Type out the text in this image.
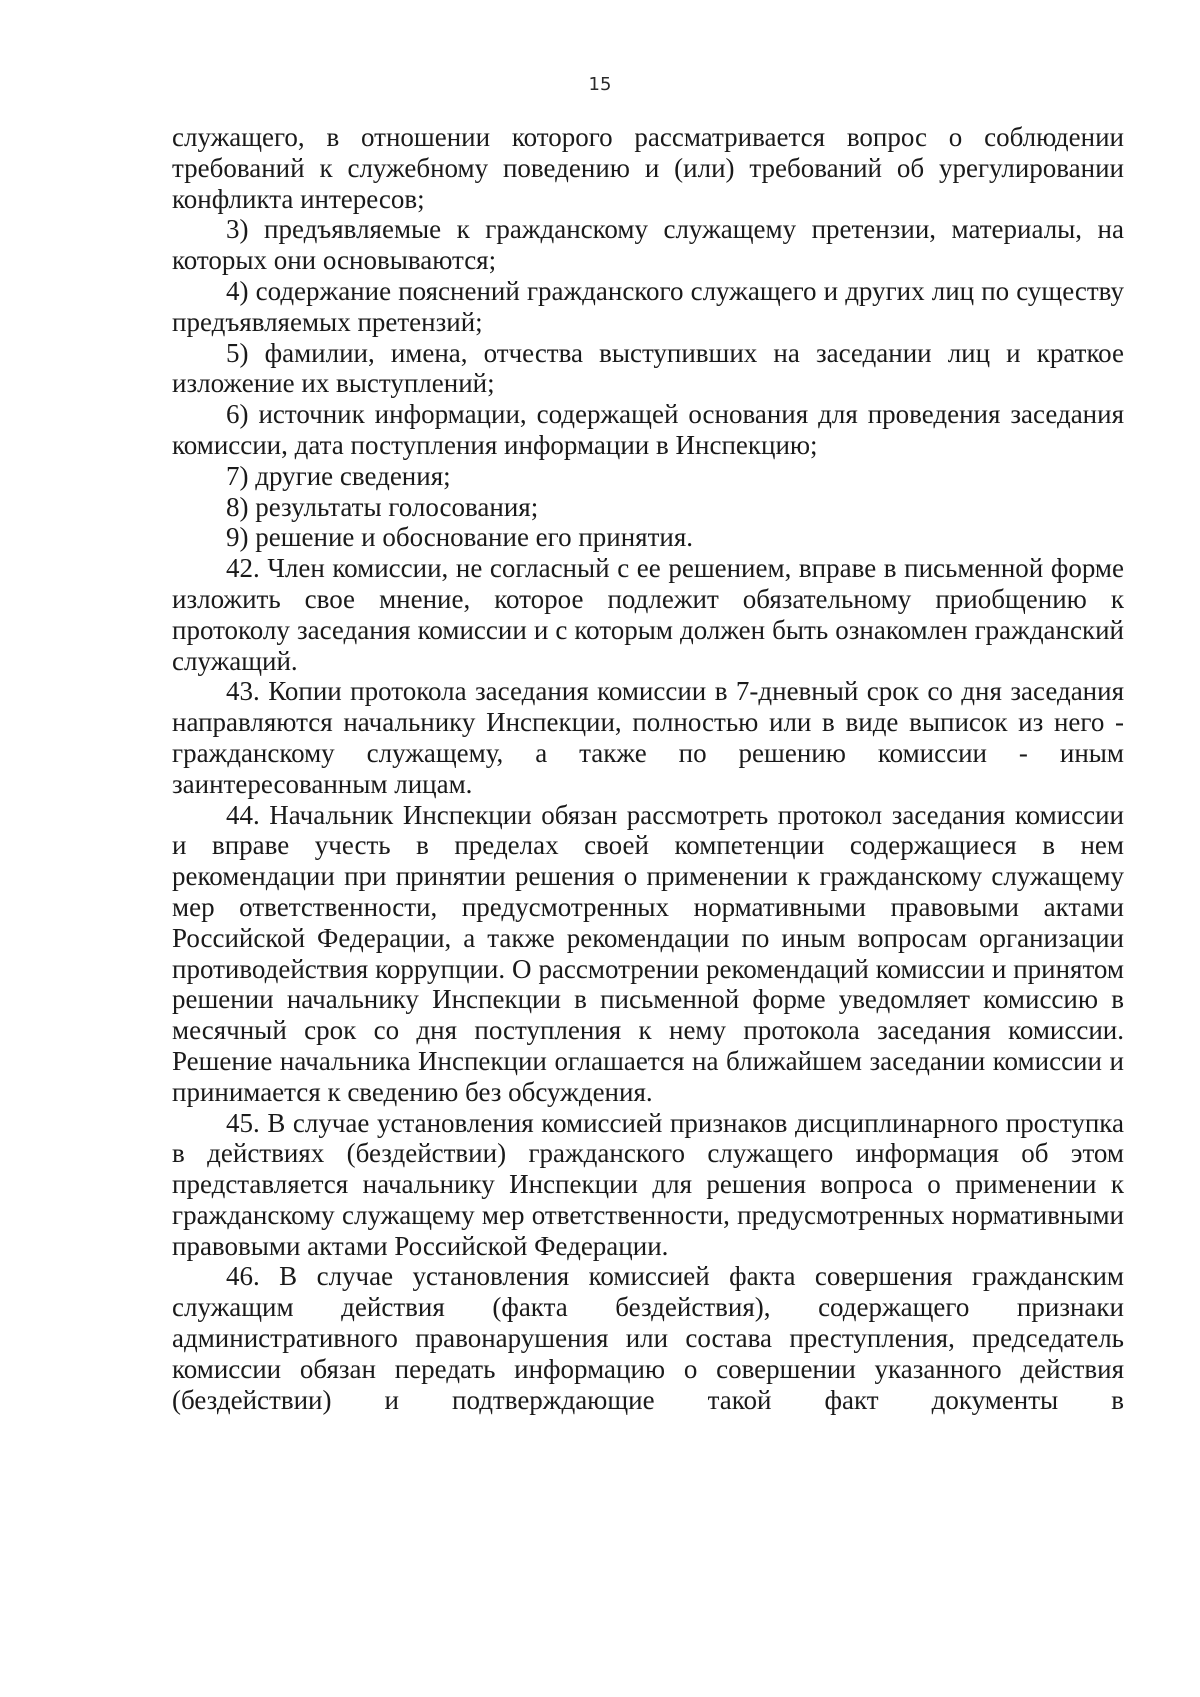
15

служащего, в отношении которого рассматривается вопрос о соблюдении требований к служебному поведению и (или) требований об урегулировании конфликта интересов;

3) предъявляемые к гражданскому служащему претензии, материалы, на которых они основываются;

4) содержание пояснений гражданского служащего и других лиц по существу предъявляемых претензий;

5) фамилии, имена, отчества выступивших на заседании лиц и краткое изложение их выступлений;

6) источник информации, содержащей основания для проведения заседания комиссии, дата поступления информации в Инспекцию;

7) другие сведения;

8) результаты голосования;

9) решение и обоснование его принятия.

42. Член комиссии, не согласный с ее решением, вправе в письменной форме изложить свое мнение, которое подлежит обязательному приобщению к протоколу заседания комиссии и с которым должен быть ознакомлен гражданский служащий.

43. Копии протокола заседания комиссии в 7-дневный срок со дня заседания направляются начальнику Инспекции, полностью или в виде выписок из него - гражданскому служащему, а также по решению комиссии - иным заинтересованным лицам.

44. Начальник Инспекции обязан рассмотреть протокол заседания комиссии и вправе учесть в пределах своей компетенции содержащиеся в нем рекомендации при принятии решения о применении к гражданскому служащему мер ответственности, предусмотренных нормативными правовыми актами Российской Федерации, а также рекомендации по иным вопросам организации противодействия коррупции. О рассмотрении рекомендаций комиссии и принятом решении начальнику Инспекции в письменной форме уведомляет комиссию в месячный срок со дня поступления к нему протокола заседания комиссии. Решение начальника Инспекции оглашается на ближайшем заседании комиссии и принимается к сведению без обсуждения.

45. В случае установления комиссией признаков дисциплинарного проступка в действиях (бездействии) гражданского служащего информация об этом представляется начальнику Инспекции для решения вопроса о применении к гражданскому служащему мер ответственности, предусмотренных нормативными правовыми актами Российской Федерации.

46. В случае установления комиссией факта совершения гражданским служащим действия (факта бездействия), содержащего признаки административного правонарушения или состава преступления, председатель комиссии обязан передать информацию о совершении указанного действия (бездействии) и подтверждающие такой факт документы в
